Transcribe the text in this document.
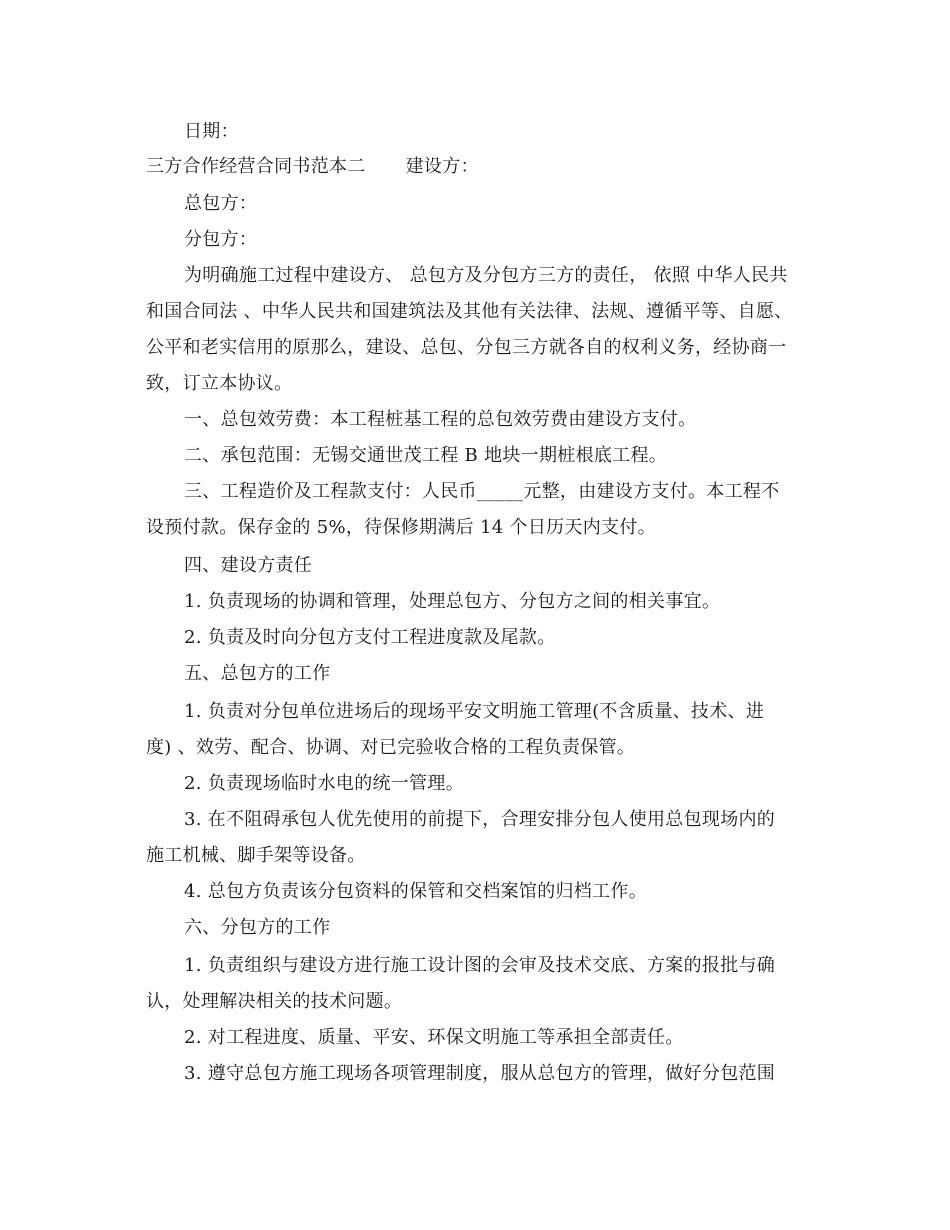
日期：
三方合作经营合同书范本二 建设方：
总包方：
分包方：
为明确施工过程中建设方、 总包方及分包方三方的责任， 依照 中华人民共
和国合同法 、中华人民共和国建筑法及其他有关法律、法规、遵循平等、自愿、
公平和老实信用的原那么，建设、总包、分包三方就各自的权利义务，经协商一
致，订立本协议。
一、总包效劳费：本工程桩基工程的总包效劳费由建设方支付。
二、承包范围：无锡交通世茂工程 B 地块一期桩根底工程。
三、工程造价及工程款支付：人民币_____元整，由建设方支付。本工程不
设预付款。保存金的 5%，待保修期满后 14 个日历天内支付。
四、建设方责任
1. 负责现场的协调和管理，处理总包方、分包方之间的相关事宜。
2. 负责及时向分包方支付工程进度款及尾款。
五、总包方的工作
1. 负责对分包单位进场后的现场平安文明施工管理(不含质量、技术、进
度) 、效劳、配合、协调、对已完验收合格的工程负责保管。
2. 负责现场临时水电的统一管理。
3. 在不阻碍承包人优先使用的前提下，合理安排分包人使用总包现场内的
施工机械、脚手架等设备。
4. 总包方负责该分包资料的保管和交档案馆的归档工作。
六、分包方的工作
1. 负责组织与建设方进行施工设计图的会审及技术交底、方案的报批与确
认，处理解决相关的技术问题。
2. 对工程进度、质量、平安、环保文明施工等承担全部责任。
3. 遵守总包方施工现场各项管理制度，服从总包方的管理，做好分包范围
